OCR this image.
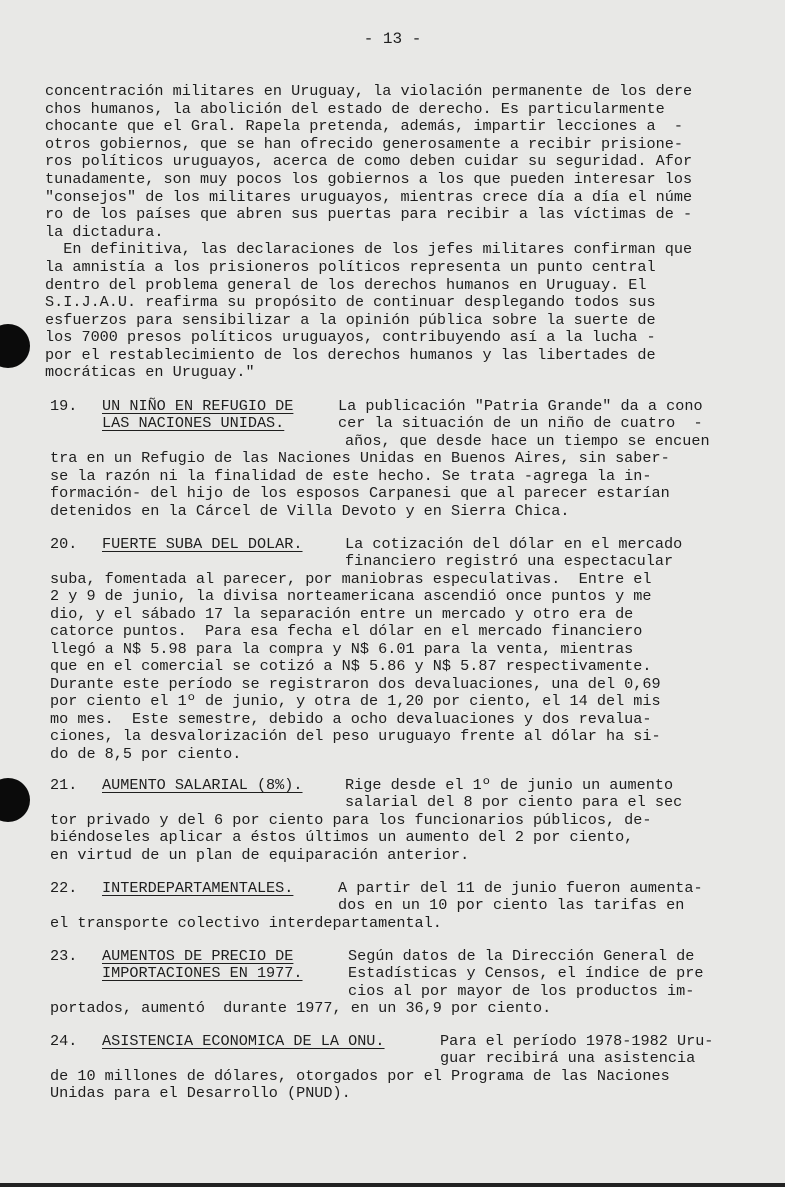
- 13 -
concentración militares en Uruguay, la violación permanente de los dere
chos humanos, la abolición del estado de derecho. Es particularmente
chocante que el Gral. Rapela pretenda, además, impartir lecciones a  -
otros gobiernos, que se han ofrecido generosamente a recibir prisione-
ros políticos uruguayos, acerca de como deben cuidar su seguridad. Afor
tunadamente, son muy pocos los gobiernos a los que pueden interesar los
"consejos" de los militares uruguayos, mientras crece día a día el núme
ro de los países que abren sus puertas para recibir a las víctimas de -
la dictadura.
En definitiva, las declaraciones de los jefes militares confirman que
la amnistía a los prisioneros políticos representa un punto central
dentro del problema general de los derechos humanos en Uruguay. El
S.I.J.A.U. reafirma su propósito de continuar desplegando todos sus
esfuerzos para sensibilizar a la opinión pública sobre la suerte de
los 7000 presos políticos uruguayos, contribuyendo así a la lucha -
por el restablecimiento de los derechos humanos y las libertades de
mocráticas en Uruguay."
19. UN NIÑO EN REFUGIO DE
LAS NACIONES UNIDAS.
La publicación "Patria Grande" da a cono
cer la situación de un niño de cuatro  -
años, que desde hace un tiempo se encuen
tra en un Refugio de las Naciones Unidas en Buenos Aires, sin saber-
se la razón ni la finalidad de este hecho. Se trata -agrega la in-
formación- del hijo de los esposos Carpanesi que al parecer estarían
detenidos en la Cárcel de Villa Devoto y en Sierra Chica.
20. FUERTE SUBA DEL DOLAR.	La cotización del dólar en el mercado
financiero registró una espectacular
suba, fomentada al parecer, por maniobras especulativas.  Entre el
2 y 9 de junio, la divisa norteamericana ascendió once puntos y me
dio, y el sábado 17 la separación entre un mercado y otro era de
catorce puntos.  Para esa fecha el dólar en el mercado financiero
llegó a N$ 5.98 para la compra y N$ 6.01 para la venta, mientras
que en el comercial se cotizó a N$ 5.86 y N$ 5.87 respectivamente.
Durante este período se registraron dos devaluaciones, una del 0,69
por ciento el 1º de junio, y otra de 1,20 por ciento, el 14 del mis
mo mes.  Este semestre, debido a ocho devaluaciones y dos revalua-
ciones, la desvalorización del peso uruguayo frente al dólar ha si-
do de 8,5 por ciento.
21. AUMENTO SALARIAL (8%).	Rige desde el 1º de junio un aumento
salarial del 8 por ciento para el sec
tor privado y del 6 por ciento para los funcionarios públicos, de-
biéndoseles aplicar a éstos últimos un aumento del 2 por ciento,
en virtud de un plan de equiparación anterior.
22. INTERDEPARTAMENTALES.	A partir del 11 de junio fueron aumenta-
dos en un 10 por ciento las tarifas en
el transporte colectivo interdepartamental.
23. AUMENTOS DE PRECIO DE
IMPORTACIONES EN 1977.
Según datos de la Dirección General de
Estadísticas y Censos, el índice de pre
cios al por mayor de los productos im-
portados, aumentó  durante 1977, en un 36,9 por ciento.
24. ASISTENCIA ECONOMICA DE LA ONU.	Para el período 1978-1982 Uru-
guar recibirá una asistencia
de 10 millones de dólares, otorgados por el Programa de las Naciones
Unidas para el Desarrollo (PNUD).
